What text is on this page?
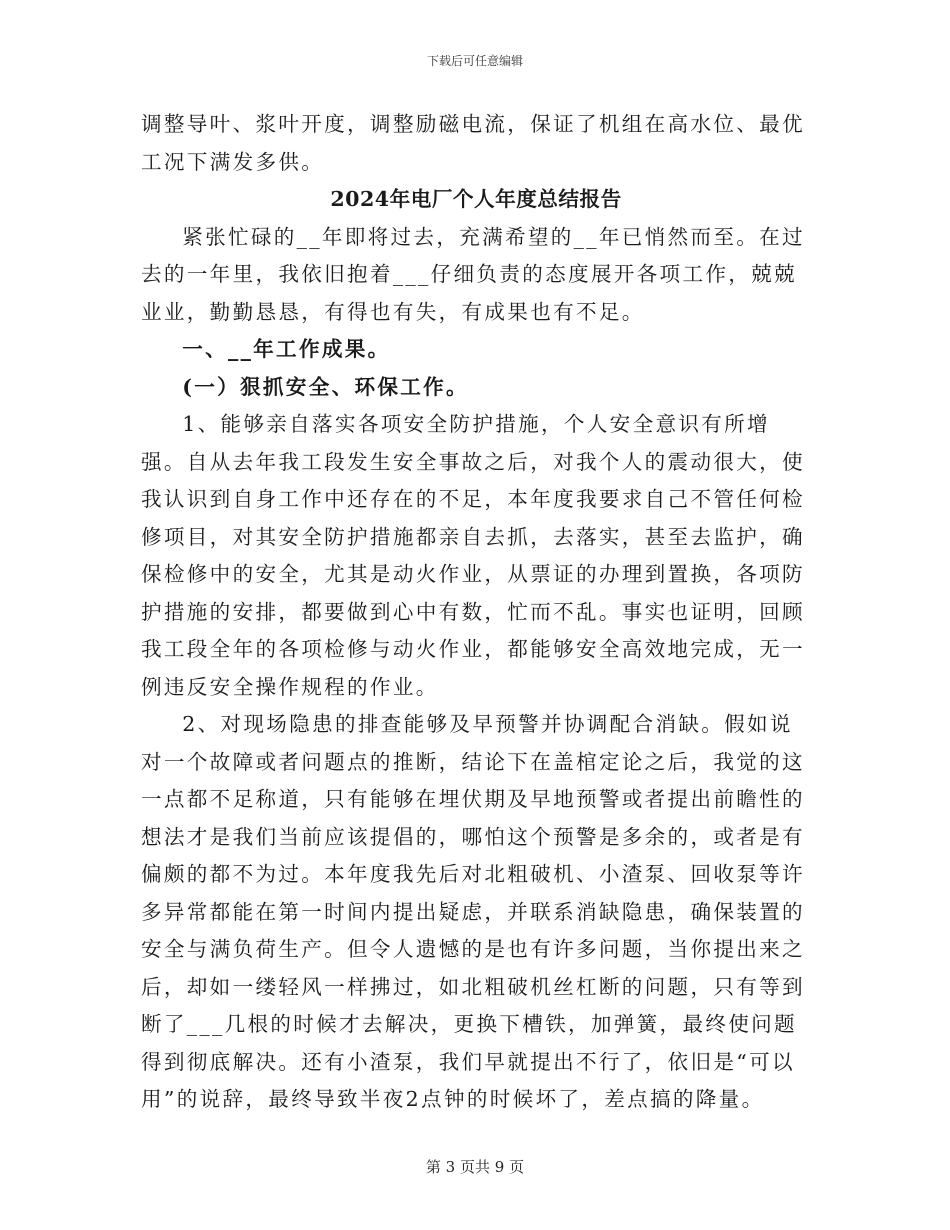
下载后可任意编辑

调整导叶、浆叶开度，调整励磁电流，保证了机组在高水位、最优工况下满发多供。

2024年电厂个人年度总结报告

紧张忙碌的__年即将过去，充满希望的__年已悄然而至。在过去的一年里，我依旧抱着___仔细负责的态度展开各项工作，兢兢业业，勤勤恳恳，有得也有失，有成果也有不足。

一、__年工作成果。

(一）狠抓安全、环保工作。

1、能够亲自落实各项安全防护措施，个人安全意识有所增强。自从去年我工段发生安全事故之后，对我个人的震动很大，使我认识到自身工作中还存在的不足，本年度我要求自己不管任何检修项目，对其安全防护措施都亲自去抓，去落实，甚至去监护，确保检修中的安全，尤其是动火作业，从票证的办理到置换，各项防护措施的安排，都要做到心中有数，忙而不乱。事实也证明，回顾我工段全年的各项检修与动火作业，都能够安全高效地完成，无一例违反安全操作规程的作业。

2、对现场隐患的排查能够及早预警并协调配合消缺。假如说对一个故障或者问题点的推断，结论下在盖棺定论之后，我觉的这一点都不足称道，只有能够在埋伏期及早地预警或者提出前瞻性的想法才是我们当前应该提倡的，哪怕这个预警是多余的，或者是有偏颇的都不为过。本年度我先后对北粗破机、小渣泵、回收泵等许多异常都能在第一时间内提出疑虑，并联系消缺隐患，确保装置的安全与满负荷生产。但令人遗憾的是也有许多问题，当你提出来之后，却如一缕轻风一样拂过，如北粗破机丝杠断的问题，只有等到断了___几根的时候才去解决，更换下槽铁，加弹簧，最终使问题得到彻底解决。还有小渣泵，我们早就提出不行了，依旧是“可以用”的说辞，最终导致半夜2点钟的时候坏了，差点搞的降量。

第 3 页共 9 页
